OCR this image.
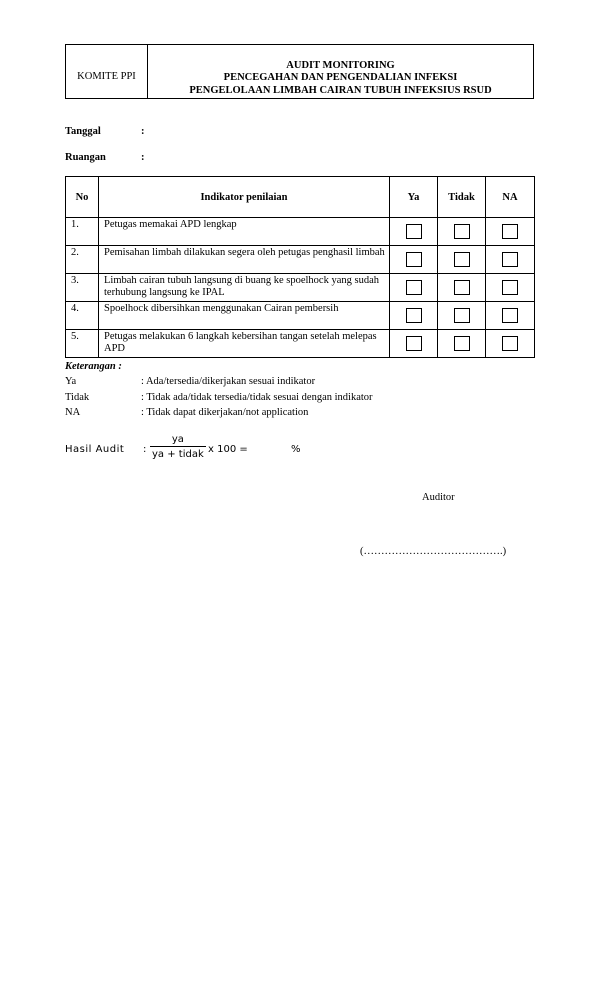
KOMITE PPI
AUDIT MONITORING
PENCEGAHAN DAN PENGENDALIAN INFEKSI
PENGELOLAAN LIMBAH CAIRAN TUBUH INFEKSIUS RSUD
Tanggal	:
Ruangan	:
No	Indikator penilaian	Ya	Tidak	NA
1.	Petugas memakai APD lengkap			
2.	Pemisahan limbah dilakukan segera oleh petugas penghasil limbah			
3.	Limbah cairan tubuh langsung di buang ke spoelhock yang sudah terhubung langsung ke IPAL			
4.	Spoelhock dibersihkan menggunakan Cairan pembersih			
5.	Petugas melakukan 6 langkah kebersihan tangan setelah melepas APD			
Keterangan :
Ya	: Ada/tersedia/dikerjakan sesuai indikator
Tidak	: Tidak ada/tidak tersedia/tidak sesuai dengan indikator
NA	: Tidak dapat dikerjakan/not application
Hasil Audit : $\frac{ya}{\text{ya + tidak}}$ x 100 =	%
Auditor
(………………………………….)
